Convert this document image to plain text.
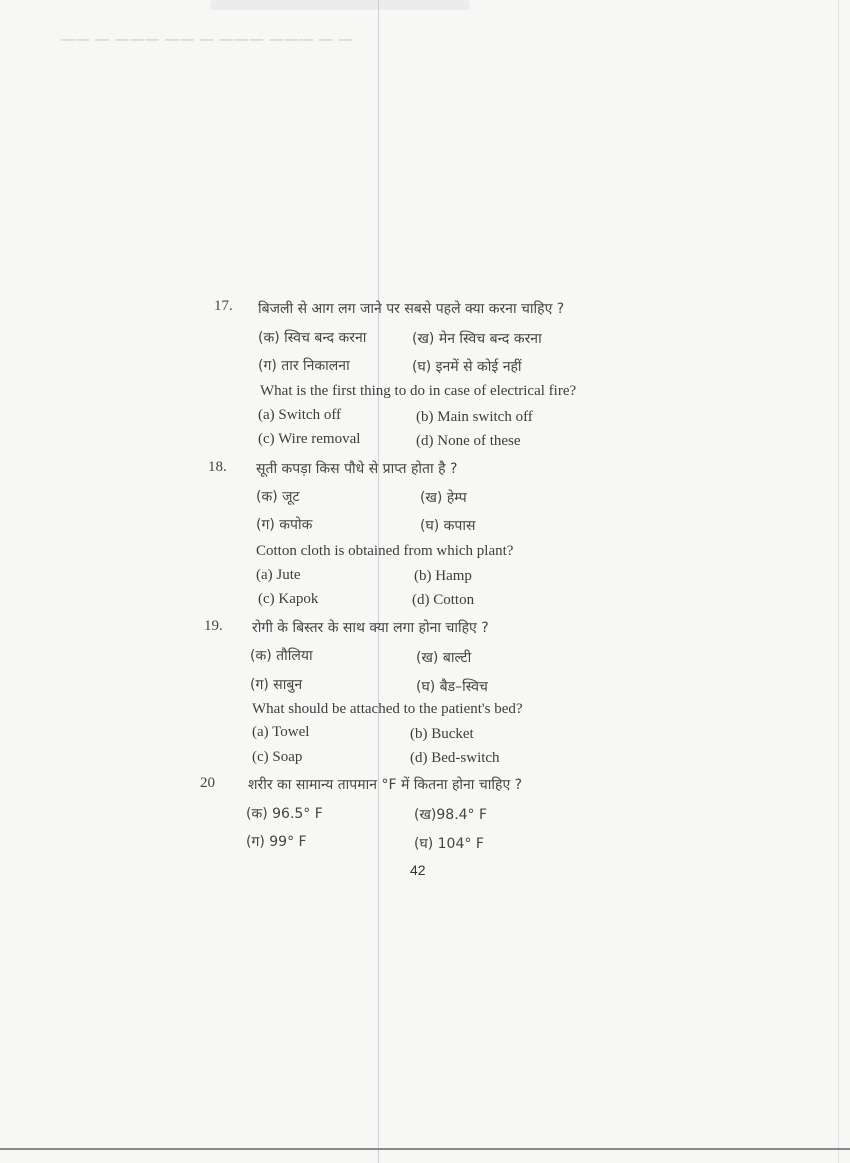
—— — ——— —— — ——— ——— — —
17. बिजली से आग लग जाने पर सबसे पहले क्या करना चाहिए ?
(क) स्विच बन्द करना	(ख) मेन स्विच बन्द करना
(ग) तार निकालना	(घ) इनमें से कोई नहीं
What is the first thing to do in case of electrical fire?
(a) Switch off	(b) Main switch off
(c) Wire removal	(d) None of these
18. सूती कपड़ा किस पौधे से प्राप्त होता है ?
(क) जूट	(ख) हेम्प
(ग) कपोक	(घ) कपास
Cotton cloth is obtained from which plant?
(a) Jute	(b) Hamp
(c) Kapok	(d) Cotton
19. रोगी के बिस्तर के साथ क्या लगा होना चाहिए ?
(क) तौलिया	(ख) बाल्टी
(ग) साबुन	(घ) बैड–स्विच
What should be attached to the patient's bed?
(a) Towel	(b) Bucket
(c) Soap	(d) Bed-switch
20 शरीर का सामान्य तापमान °F में कितना होना चाहिए ?
(क) 96.5° F	(ख)98.4° F
(ग) 99° F	(घ) 104° F
42
